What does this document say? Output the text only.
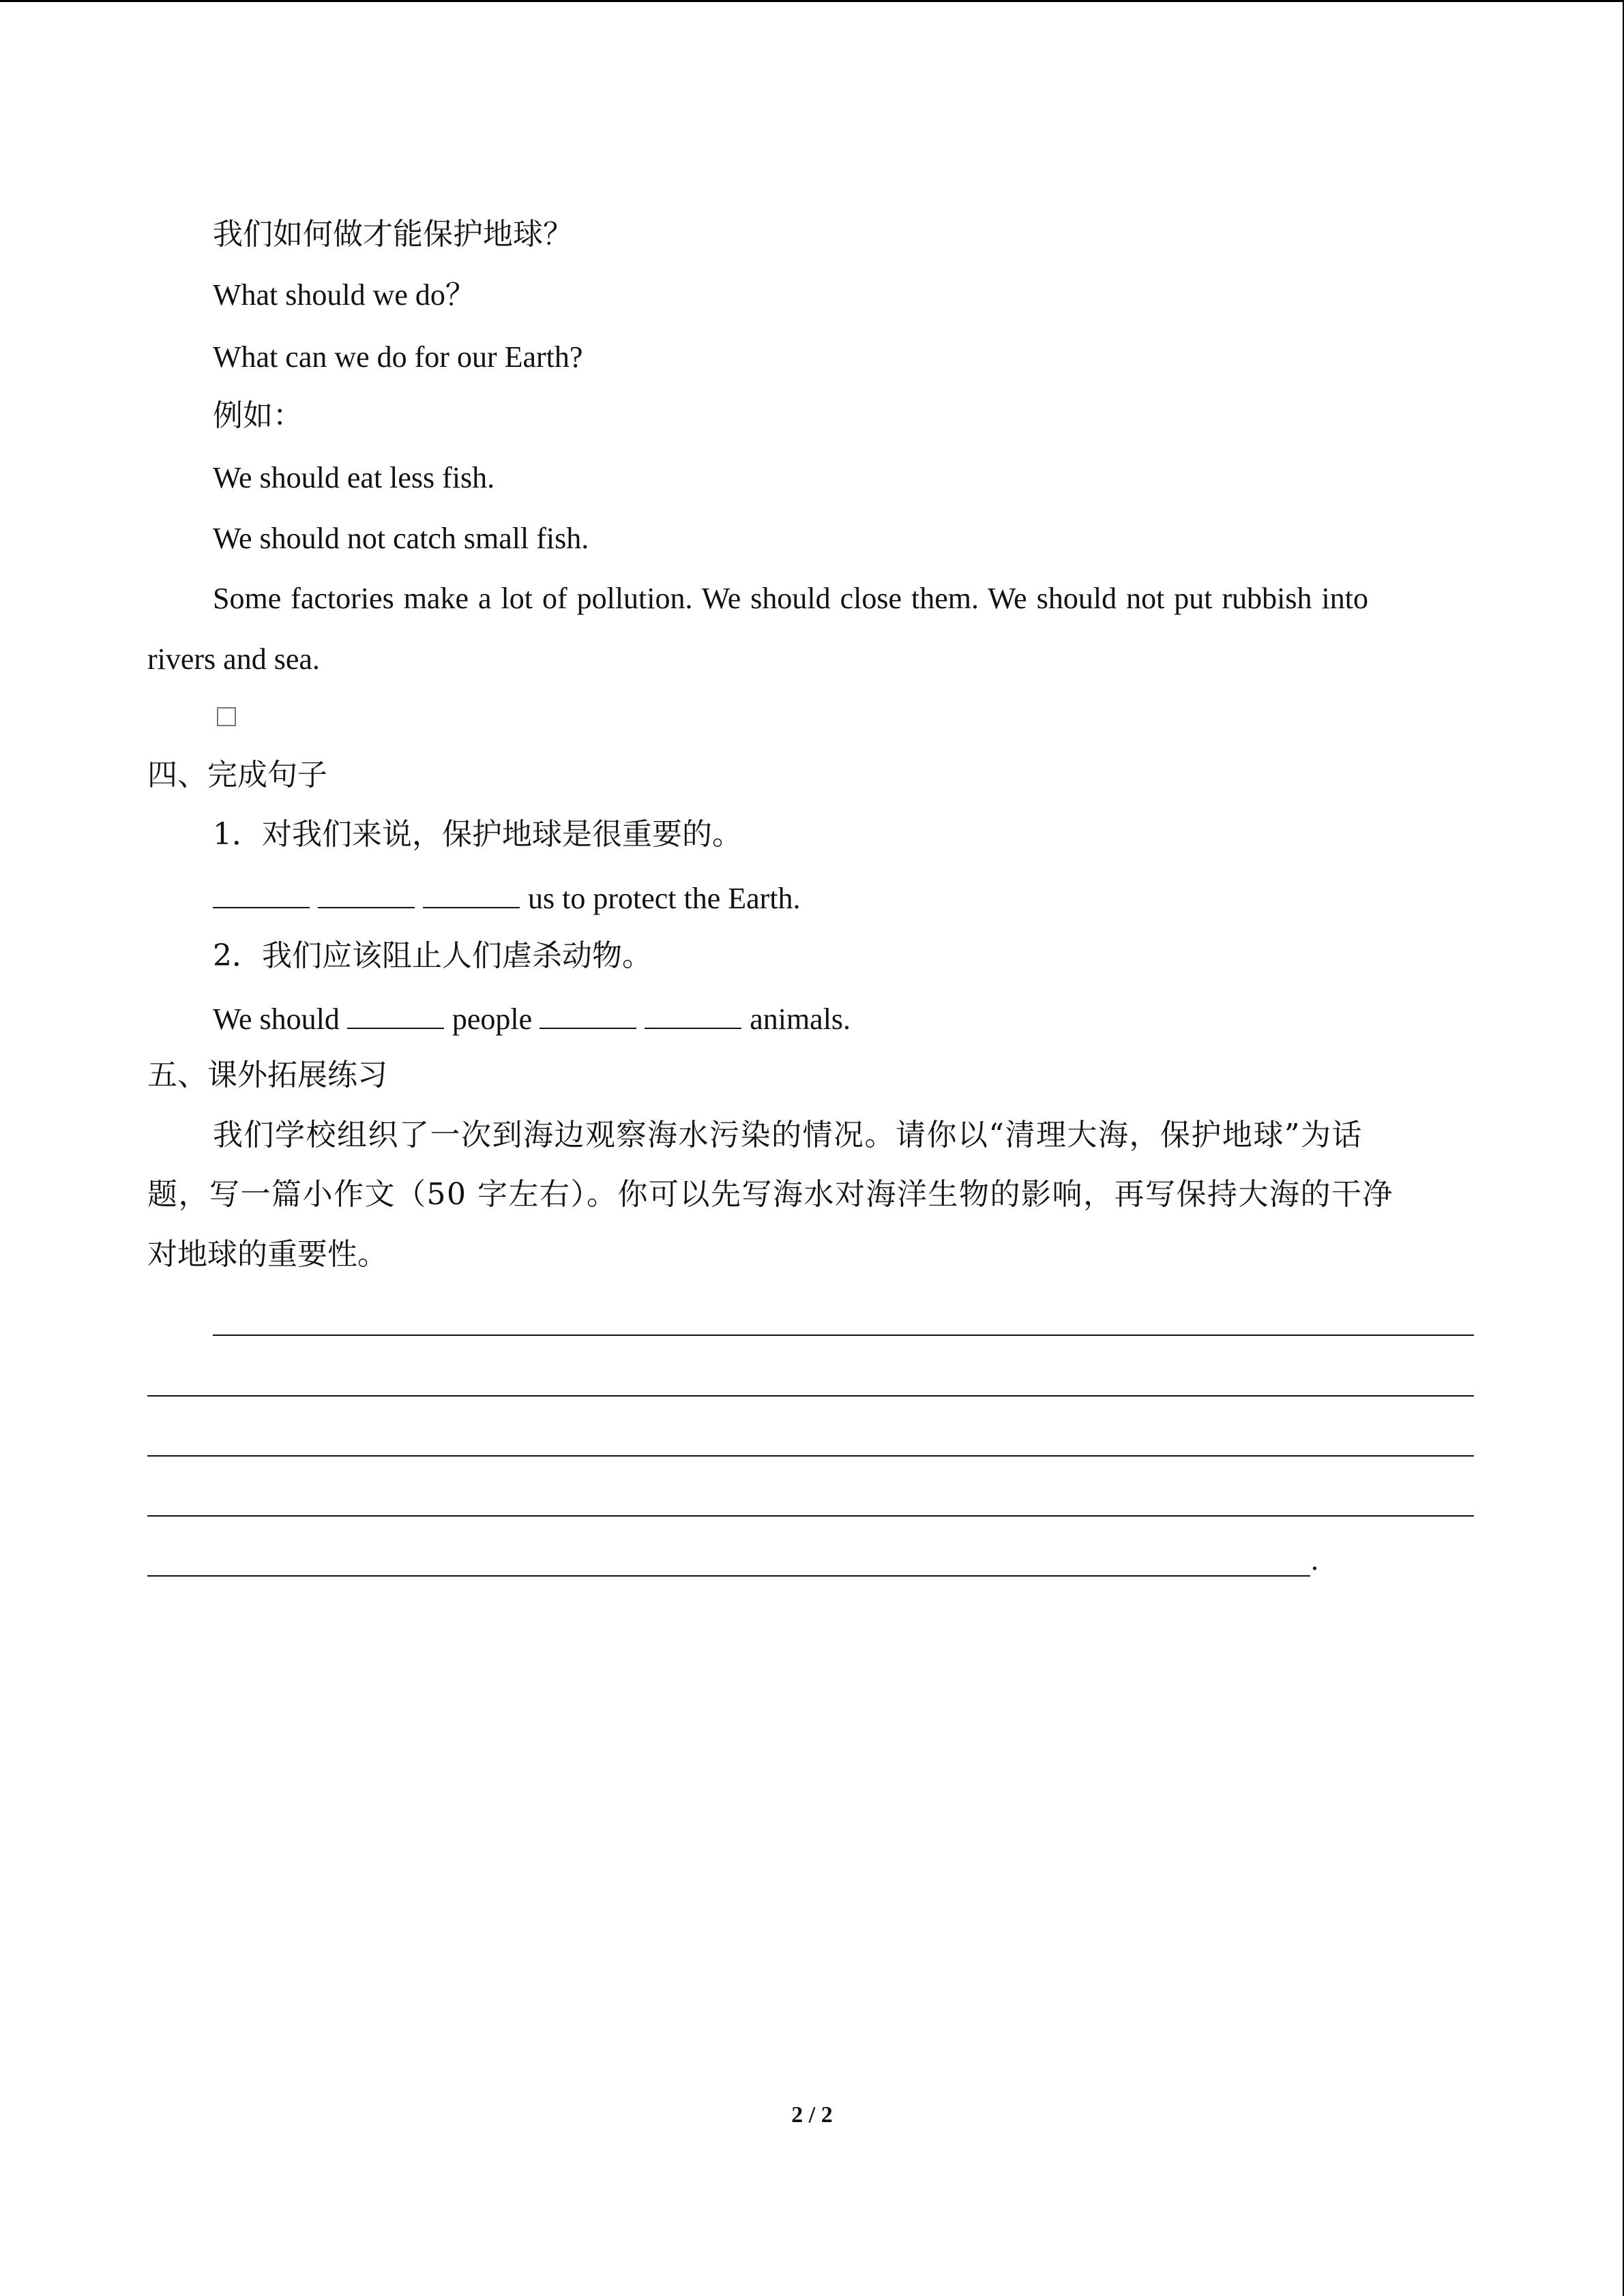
我们如何做才能保护地球？
What should we do？
What can we do for our Earth?
例如：
We should eat less fish.
We should not catch small fish.
Some factories make a lot of pollution. We should close them. We should not put rubbish into
rivers and sea.
四、完成句子
1．对我们来说，保护地球是很重要的。
us to protect the Earth.
2．我们应该阻止人们虐杀动物。
We should	people	animals.
五、课外拓展练习
我们学校组织了一次到海边观察海水污染的情况。请你以“清理大海，保护地球”为话
题，写一篇小作文（50 字左右）。你可以先写海水对海洋生物的影响，再写保持大海的干净
对地球的重要性。
.
2 / 2
